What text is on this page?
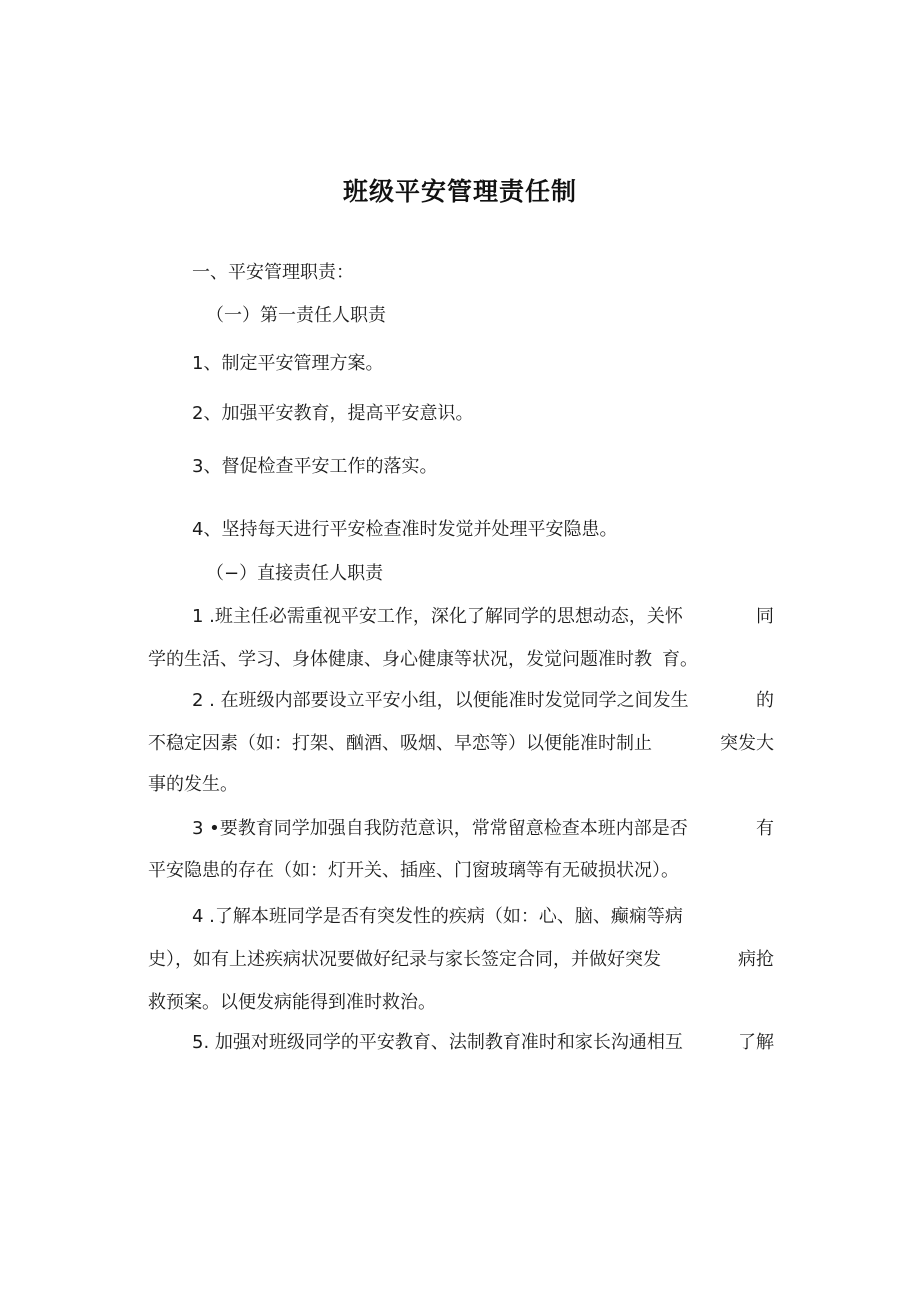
班级平安管理责任制
一、平安管理职责：
（一）第一责任人职责
1、制定平安管理方案。
2、加强平安教育，提高平安意识。
3、督促检查平安工作的落实。
4、坚持每天进行平安检查准时发觉并处理平安隐患。
（−）直接责任人职责
1 .班主任必需重视平安工作，深化了解同学的思想动态，关怀	同
学的生活、学习、身体健康、身心健康等状况，发觉问题准时教 育。
2 . 在班级内部要设立平安小组，以便能准时发觉同学之间发生	的
不稳定因素（如：打架、酗酒、吸烟、早恋等）以便能准时制止	突发大
事的发生。
3 •要教育同学加强自我防范意识，常常留意检查本班内部是否	有
平安隐患的存在（如：灯开关、插座、门窗玻璃等有无破损状况）。
4 .了解本班同学是否有突发性的疾病（如：心、脑、癫痫等病
史），如有上述疾病状况要做好纪录与家长签定合同，并做好突发	病抢
救预案。以便发病能得到准时救治。
5. 加强对班级同学的平安教育、法制教育准时和家长沟通相互	了解
